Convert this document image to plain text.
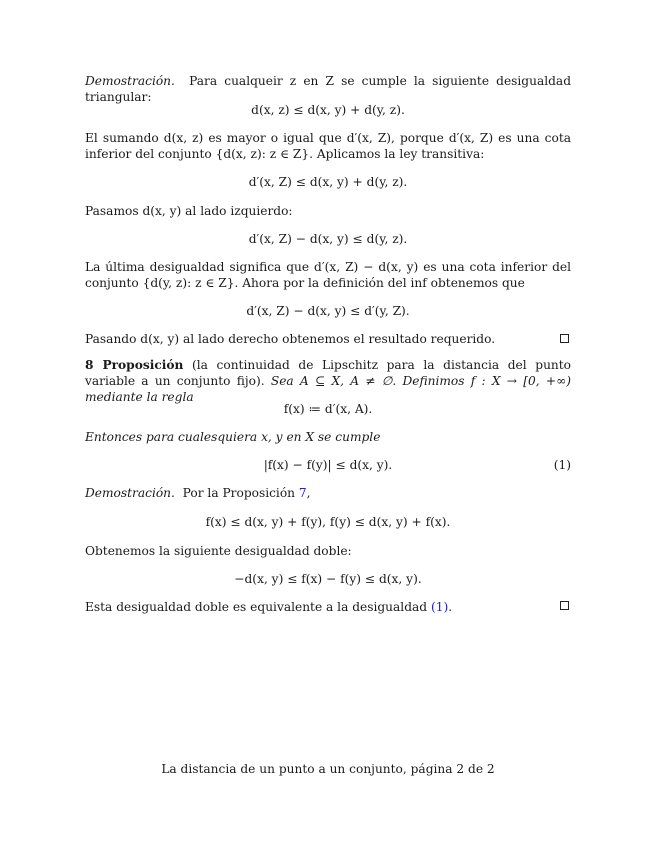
Demostración. Para cualqueir z en Z se cumple la siguiente desigualdad triangular:
d(x, z) ≤ d(x, y) + d(y, z).
El sumando d(x, z) es mayor o igual que d′(x, Z), porque d′(x, Z) es una cota inferior del conjunto {d(x, z): z ∈ Z}. Aplicamos la ley transitiva:
d′(x, Z) ≤ d(x, y) + d(y, z).
Pasamos d(x, y) al lado izquierdo:
d′(x, Z) − d(x, y) ≤ d(y, z).
La última desigualdad significa que d′(x, Z) − d(x, y) es una cota inferior del conjunto {d(y, z): z ∈ Z}. Ahora por la definición del inf obtenemos que
d′(x, Z) − d(x, y) ≤ d′(y, Z).
Pasando d(x, y) al lado derecho obtenemos el resultado requerido.
8 Proposición (la continuidad de Lipschitz para la distancia del punto variable a un conjunto fijo). Sea A ⊆ X, A ≠ ∅. Definimos f : X → [0, +∞) mediante la regla
f(x) ≔ d′(x, A).
Entonces para cualesquiera x, y en X se cumple
|f(x) − f(y)| ≤ d(x, y).	(1)
Demostración. Por la Proposición 7,
f(x) ≤ d(x, y) + f(y), f(y) ≤ d(x, y) + f(x).
Obtenemos la siguiente desigualdad doble:
−d(x, y) ≤ f(x) − f(y) ≤ d(x, y).
Esta desigualdad doble es equivalente a la desigualdad (1).
La distancia de un punto a un conjunto, página 2 de 2
